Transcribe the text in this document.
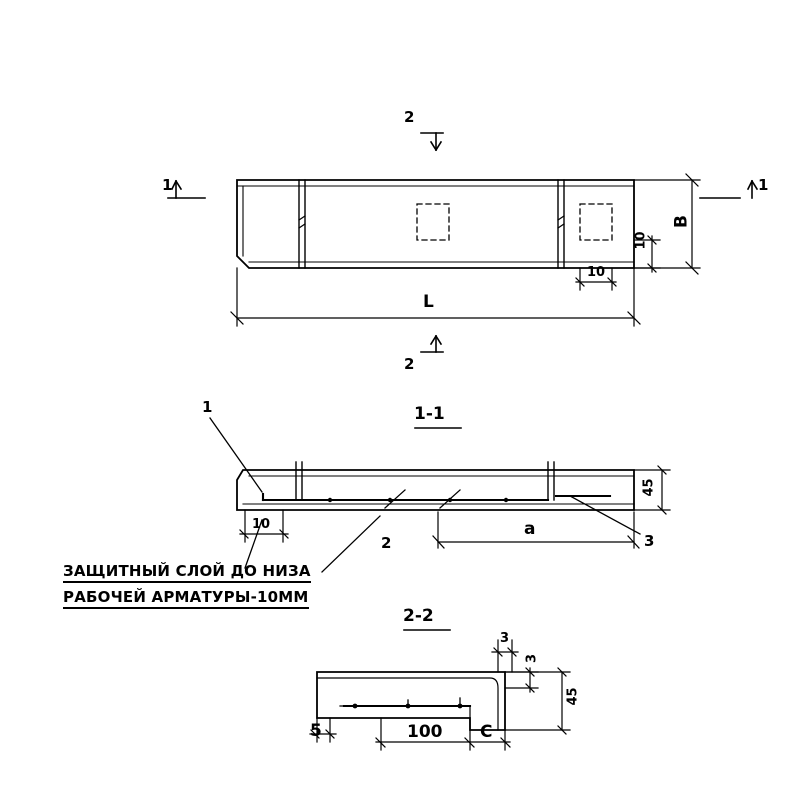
2
2
1	1
L
B
10
10
1-1
1
2	3
45
10	a
ЗАЩИТНЫЙ СЛОЙ ДО НИЗА
РАБОЧЕЙ АРМАТУРЫ-10ММ
2-2
3
3
45
100 C
5
